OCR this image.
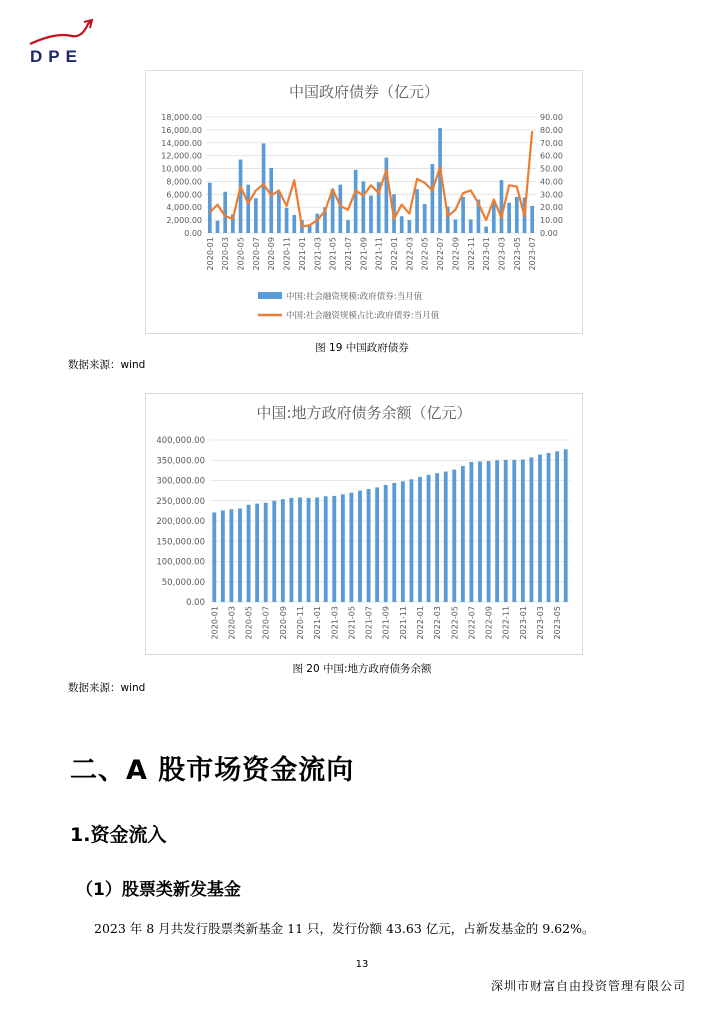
DPE
中国政府债券（亿元）
0.00
2,000.00
4,000.00
6,000.00
8,000.00
10,000.00
12,000.00
14,000.00
16,000.00
18,000.00
0.00
10.00
20.00
30.00
40.00
50.00
60.00
70.00
80.00
90.00
2020-01 2020-03 2020-05 2020-07 2020-09 2020-11 2021-01 2021-03 2021-05 2021-07 2021-09 2021-11 2022-01 2022-03 2022-05 2022-07 2022-09 2022-11 2023-01 2023-03 2023-05 2023-07
中国:社会融资规模:政府债券:当月值
中国:社会融资规模占比:政府债券:当月值
图 19 中国政府债券
数据来源：wind
中国:地方政府债务余额（亿元）
0.00
50,000.00
100,000.00
150,000.00
200,000.00
250,000.00
300,000.00
350,000.00
400,000.00
2020-01 2020-03 2020-05 2020-07 2020-09 2020-11 2021-01 2021-03 2021-05 2021-07 2021-09 2021-11 2022-01 2022-03 2022-05 2022-07 2022-09 2022-11 2023-01 2023-03 2023-05
图 20 中国:地方政府债务余额
数据来源：wind
二、A 股市场资金流向
1.资金流入
（1）股票类新发基金
2023 年 8 月共发行股票类新基金 11 只，发行份额 43.63 亿元，占新发基金的 9.62%。
13
深圳市财富自由投资管理有限公司
